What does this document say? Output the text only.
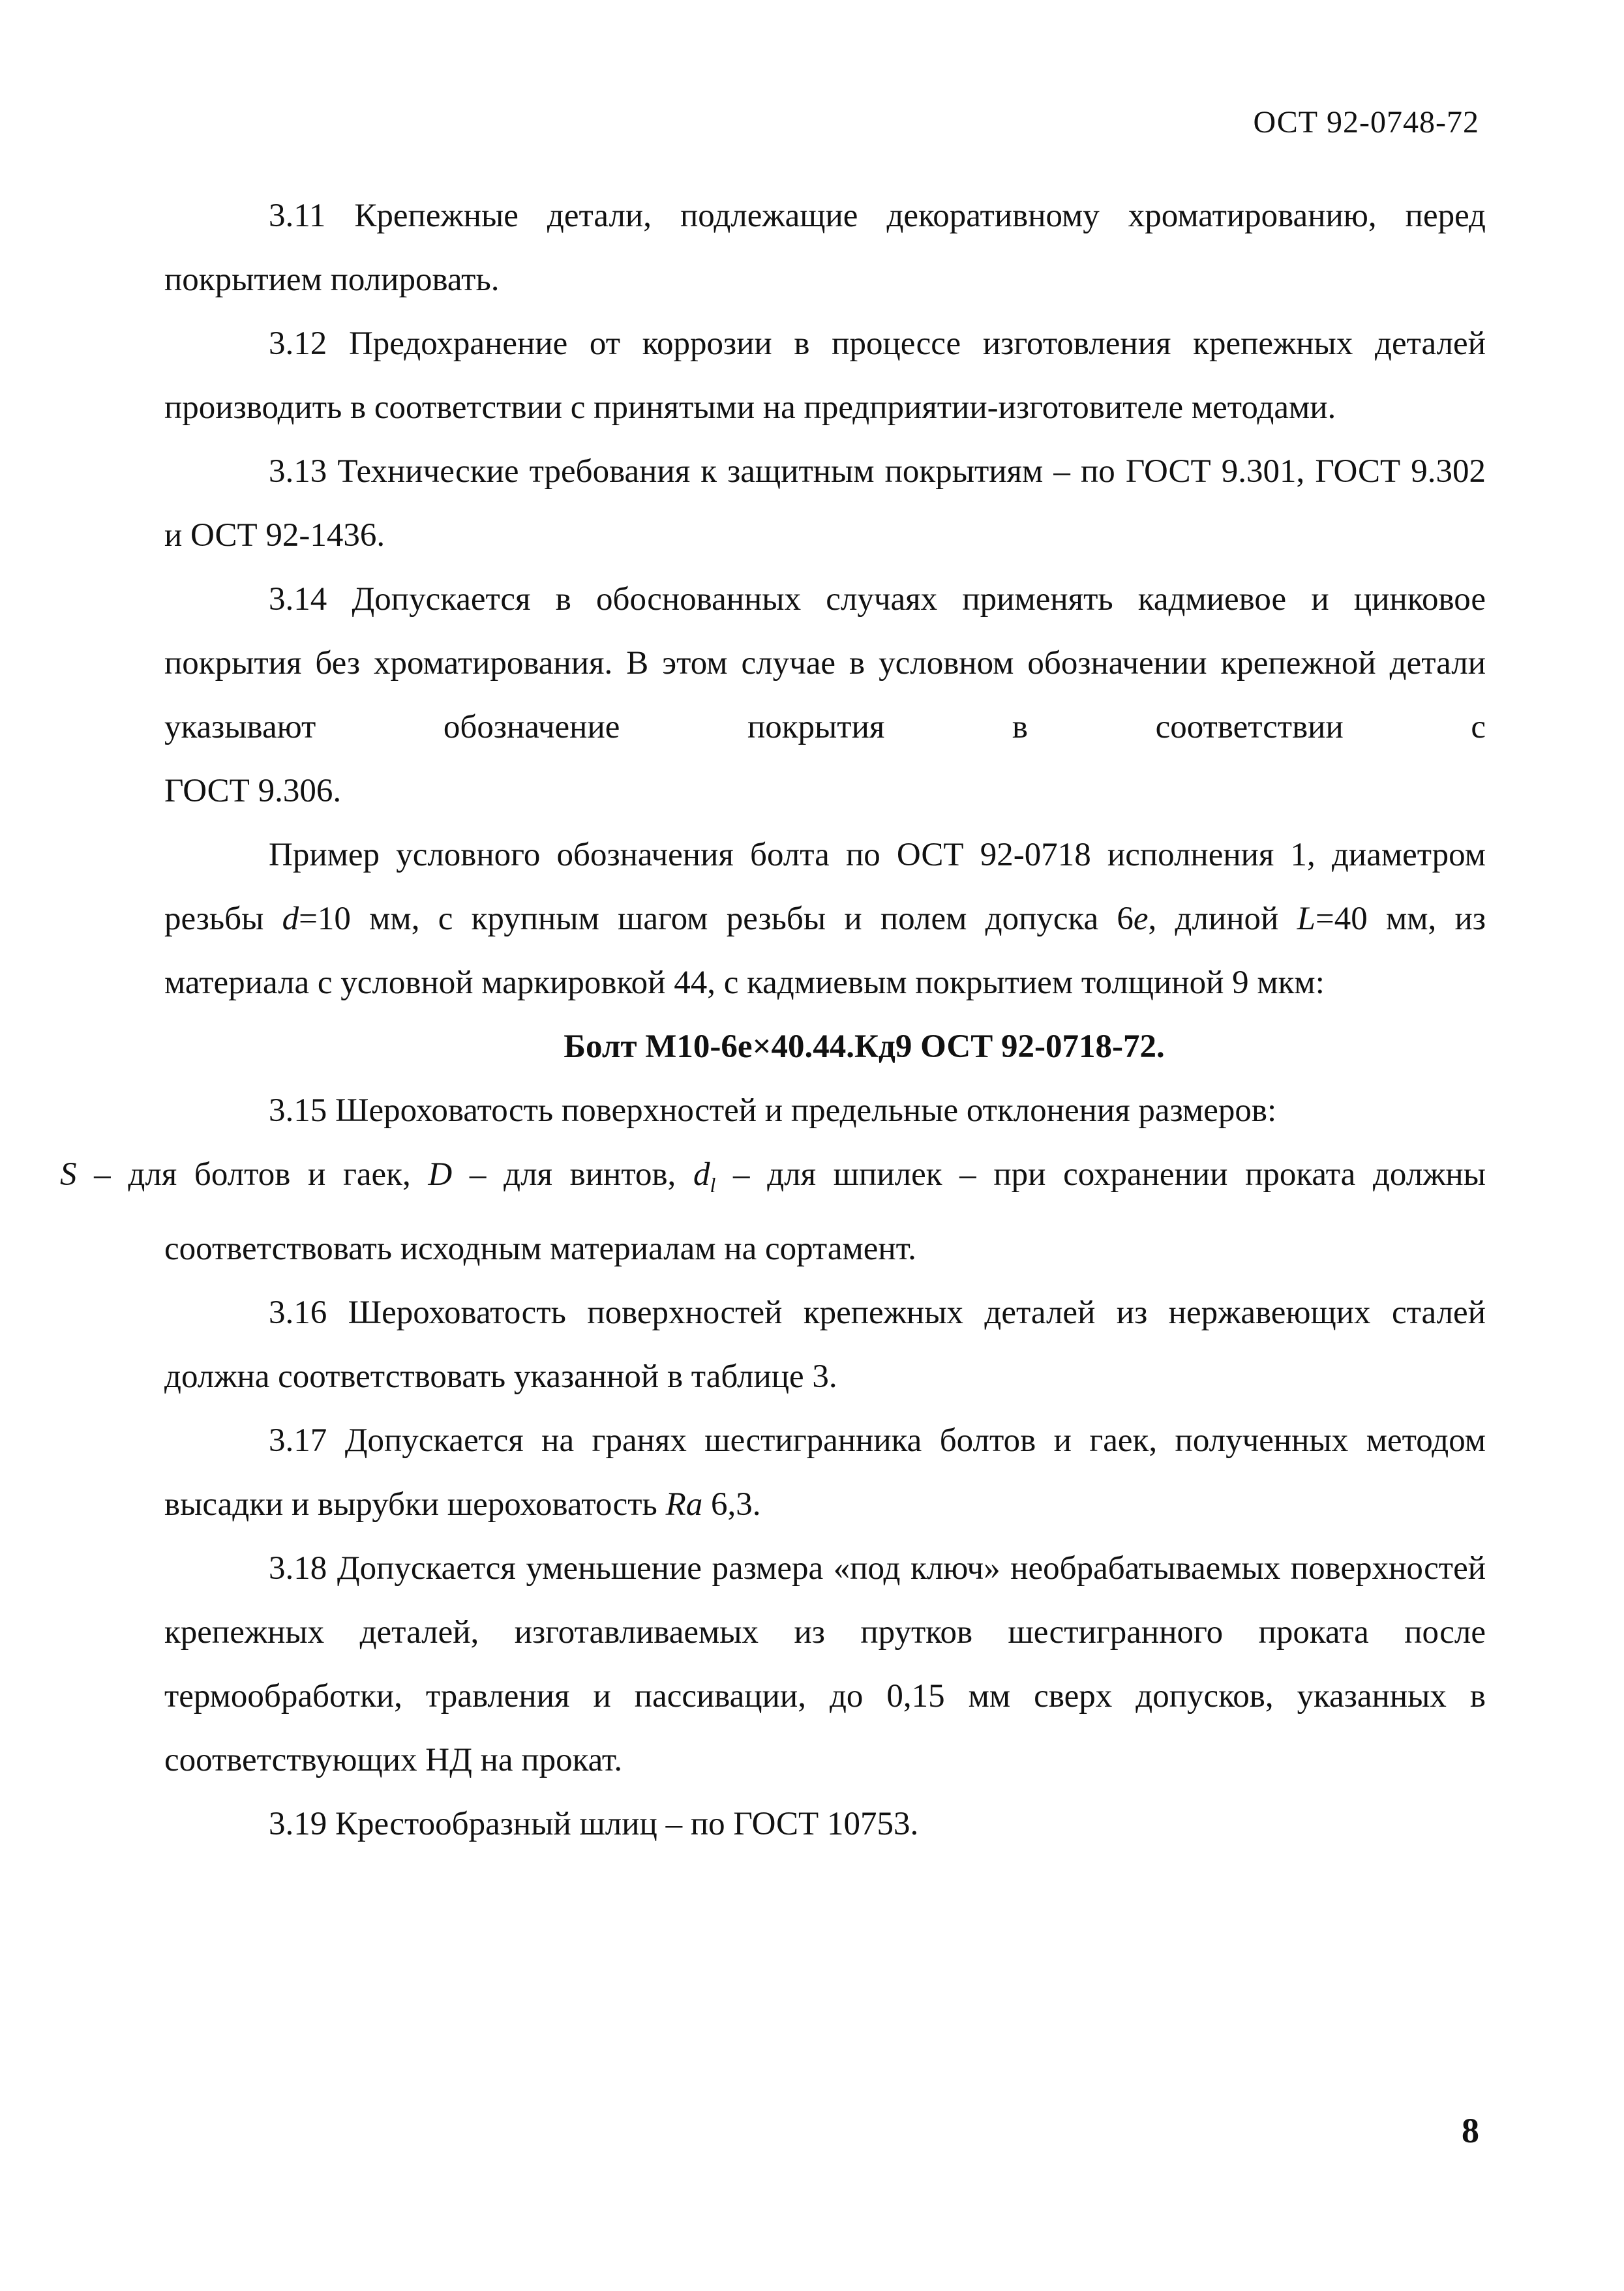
ОСТ 92-0748-72

3.11 Крепежные детали, подлежащие декоративному хроматированию, перед покрытием полировать.

3.12 Предохранение от коррозии в процессе изготовления крепежных деталей производить в соответствии с принятыми на предприятии-изготовителе методами.

3.13 Технические требования к защитным покрытиям – по ГОСТ 9.301, ГОСТ 9.302 и ОСТ 92-1436.

3.14 Допускается в обоснованных случаях применять кадмиевое и цинковое покрытия без хроматирования. В этом случае в условном обозначении крепежной детали указывают обозначение покрытия в соответствии с

ГОСТ 9.306.

Пример условного обозначения болта по ОСТ 92-0718 исполнения 1, диаметром резьбы d=10 мм, с крупным шагом резьбы и полем допуска 6e, длиной L=40 мм, из материала с условной маркировкой 44, с кадмиевым покрытием толщиной 9 мкм:

Болт М10-6е×40.44.Кд9 ОСТ 92-0718-72.

3.15 Шероховатость поверхностей и предельные отклонения размеров:
S – для болтов и гаек, D – для винтов, $d_l$ – для шпилек – при сохранении проката должны соответствовать исходным материалам на сортамент.

3.16 Шероховатость поверхностей крепежных деталей из нержавеющих сталей должна соответствовать указанной в таблице 3.

3.17 Допускается на гранях шестигранника болтов и гаек, полученных методом высадки и вырубки шероховатость Ra 6,3.

3.18 Допускается уменьшение размера «под ключ» необрабатываемых поверхностей крепежных деталей, изготавливаемых из прутков шестигранного проката после термообработки, травления и пассивации, до 0,15 мм сверх допусков, указанных в соответствующих НД на прокат.

3.19 Крестообразный шлиц – по ГОСТ 10753.

8
